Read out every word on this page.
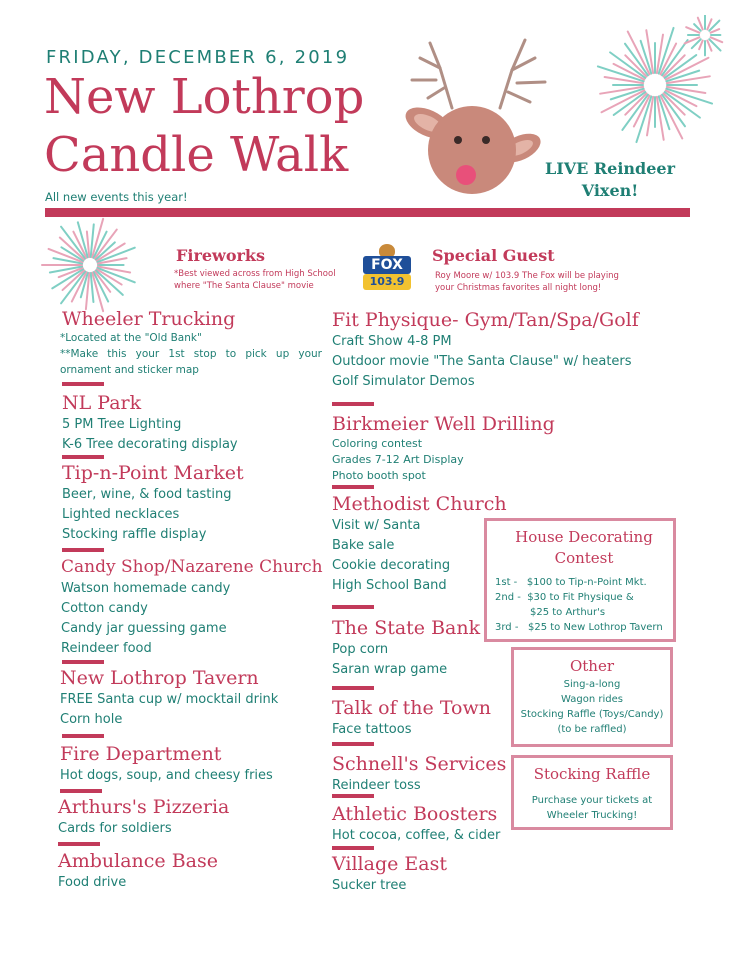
FRIDAY, DECEMBER 6, 2019
New Lothrop
Candle Walk
All new events this year!
LIVE Reindeer
Vixen!
Fireworks
*Best viewed across from High School
where "The Santa Clause" movie
FOX
103.9
Special Guest
Roy Moore w/ 103.9 The Fox will be playing
your Christmas favorites all night long!
Wheeler Trucking
*Located at the "Old Bank"
**Make this your 1st stop to pick up your ornament and sticker map
NL Park
5 PM Tree Lighting
K-6 Tree decorating display
Tip-n-Point Market
Beer, wine, & food tasting
Lighted necklaces
Stocking raffle display
Candy Shop/Nazarene Church
Watson homemade candy
Cotton candy
Candy jar guessing game
Reindeer food
New Lothrop Tavern
FREE Santa cup w/ mocktail drink
Corn hole
Fire Department
Hot dogs, soup, and cheesy fries
Arthurs's Pizzeria
Cards for soldiers
Ambulance Base
Food drive
Fit Physique- Gym/Tan/Spa/Golf
Craft Show 4-8 PM
Outdoor movie "The Santa Clause" w/ heaters
Golf Simulator Demos
Birkmeier Well Drilling
Coloring contest
Grades 7-12 Art Display
Photo booth spot
Methodist Church
Visit w/ Santa
Bake sale
Cookie decorating
High School Band
The State Bank
Pop corn
Saran wrap game
Talk of the Town
Face tattoos
Schnell's Services
Reindeer toss
Athletic Boosters
Hot cocoa, coffee, & cider
Village East
Sucker tree
House Decorating
Contest
1st -   $100 to Tip-n-Point Mkt.
2nd -  $30 to Fit Physique &
$25 to Arthur's
3rd -   $25 to New Lothrop Tavern
Other
Sing-a-long
Wagon rides
Stocking Raffle (Toys/Candy)
(to be raffled)
Stocking Raffle
Purchase your tickets at
Wheeler Trucking!
